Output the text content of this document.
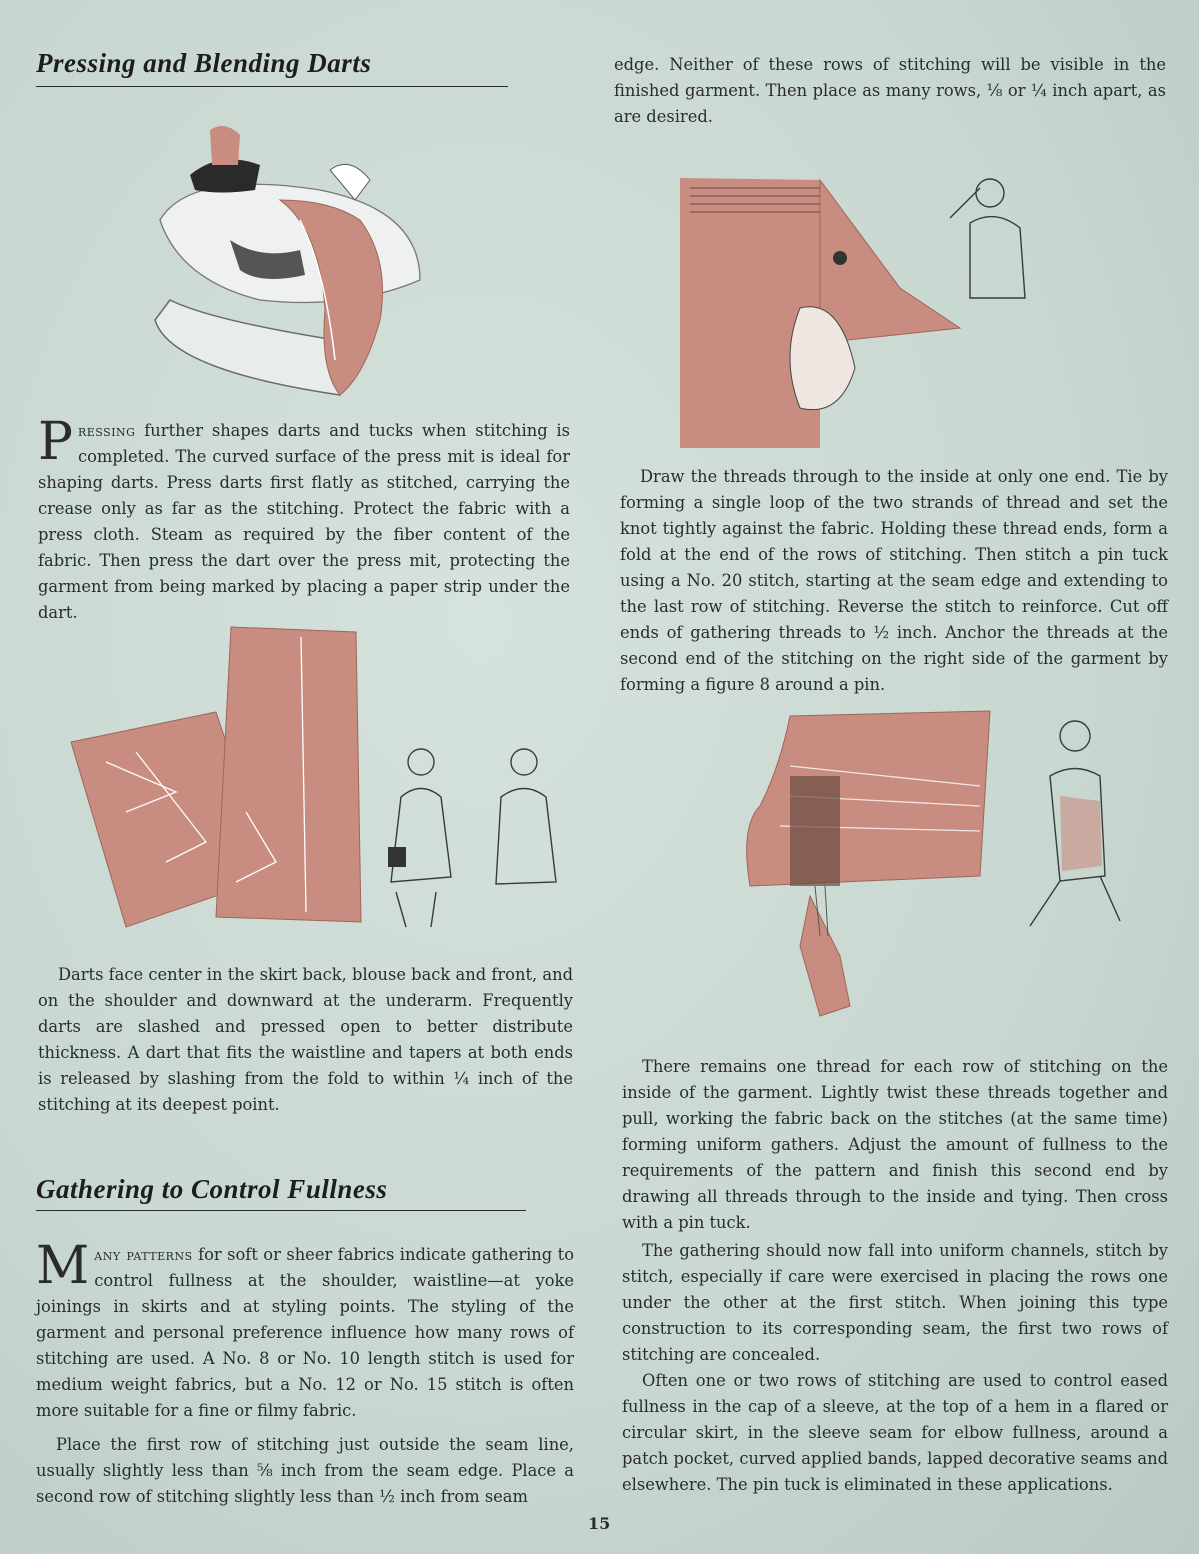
Pressing and Blending Darts

Pressing further shapes darts and tucks when stitching is completed. The curved surface of the press mit is ideal for shaping darts. Press darts first flatly as stitched, carrying the crease only as far as the stitching. Protect the fabric with a press cloth. Steam as required by the fiber content of the fabric. Then press the dart over the press mit, protecting the garment from being marked by placing a paper strip under the dart.

Darts face center in the skirt back, blouse back and front, and on the shoulder and downward at the underarm. Frequently darts are slashed and pressed open to better distribute thickness. A dart that fits the waistline and tapers at both ends is released by slashing from the fold to within ¼ inch of the stitching at its deepest point.

Gathering to Control Fullness

Many patterns for soft or sheer fabrics indicate gathering to control fullness at the shoulder, waistline—at yoke joinings in skirts and at styling points. The styling of the garment and personal preference influence how many rows of stitching are used. A No. 8 or No. 10 length stitch is used for medium weight fabrics, but a No. 12 or No. 15 stitch is often more suitable for a fine or filmy fabric.

Place the first row of stitching just outside the seam line, usually slightly less than ⅝ inch from the seam edge. Place a second row of stitching slightly less than ½ inch from seam

edge. Neither of these rows of stitching will be visible in the finished garment. Then place as many rows, ⅛ or ¼ inch apart, as are desired.

Draw the threads through to the inside at only one end. Tie by forming a single loop of the two strands of thread and set the knot tightly against the fabric. Holding these thread ends, form a fold at the end of the rows of stitching. Then stitch a pin tuck using a No. 20 stitch, starting at the seam edge and extending to the last row of stitching. Reverse the stitch to reinforce. Cut off ends of gathering threads to ½ inch. Anchor the threads at the second end of the stitching on the right side of the garment by forming a figure 8 around a pin.

There remains one thread for each row of stitching on the inside of the garment. Lightly twist these threads together and pull, working the fabric back on the stitches (at the same time) forming uniform gathers. Adjust the amount of fullness to the requirements of the pattern and finish this second end by drawing all threads through to the inside and tying. Then cross with a pin tuck.

The gathering should now fall into uniform channels, stitch by stitch, especially if care were exercised in placing the rows one under the other at the first stitch. When joining this type construction to its corresponding seam, the first two rows of stitching are concealed.

Often one or two rows of stitching are used to control eased fullness in the cap of a sleeve, at the top of a hem in a flared or circular skirt, in the sleeve seam for elbow fullness, around a patch pocket, curved applied bands, lapped decorative seams and elsewhere. The pin tuck is eliminated in these applications.

15
